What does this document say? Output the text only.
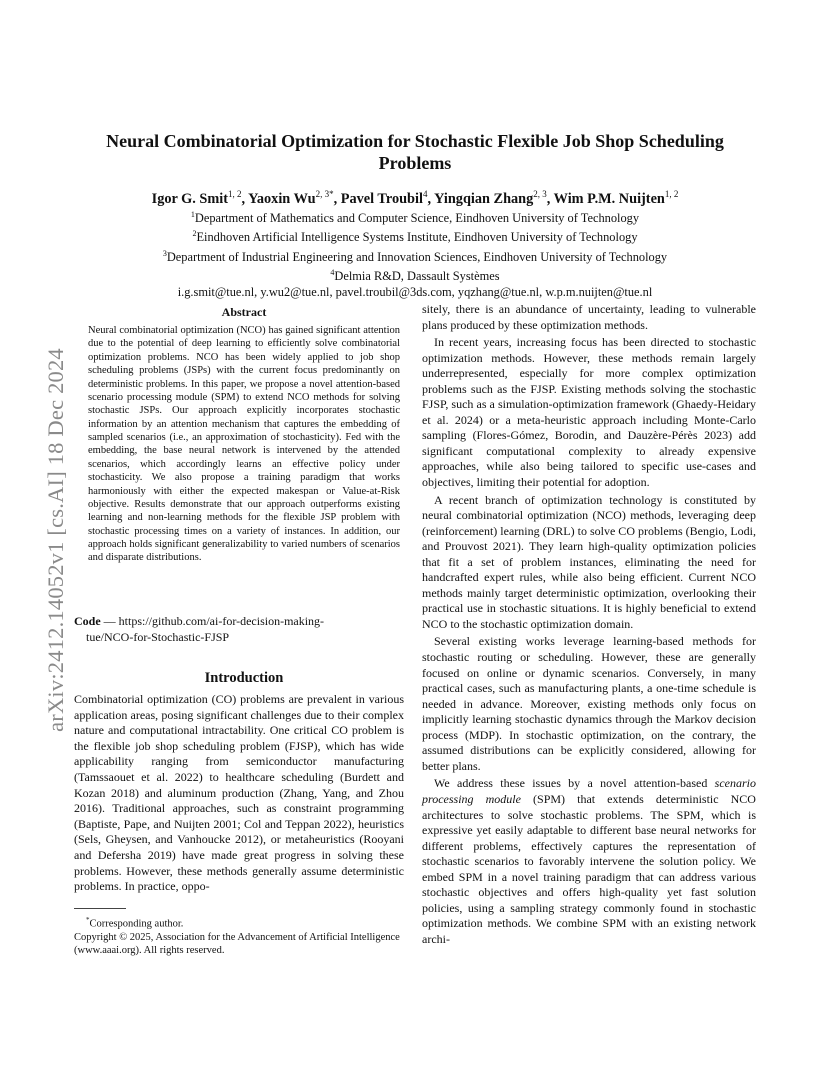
arXiv:2412.14052v1 [cs.AI] 18 Dec 2024
Neural Combinatorial Optimization for Stochastic Flexible Job Shop Scheduling Problems
Igor G. Smit$^{1, 2}$, Yaoxin $Wu^{2, 3*}$, Pavel Troubil$^4$, Yingqian Zhang$^{2, 3}$, Wim P.M. Nuijten$^{1, 2}$
$^1$Department of Mathematics and Computer Science, Eindhoven University of Technology
$^2$Eindhoven Artificial Intelligence Systems Institute, Eindhoven University of Technology
$^3$Department of Industrial Engineering and Innovation Sciences, Eindhoven University of Technology
$^4$Delmia R&D, Dassault Systèmes
i.g.smit@tue.nl, y.wu2@tue.nl, pavel.troubil@3ds.com, yqzhang@tue.nl, w.p.m.nuijten@tue.nl
Abstract

Neural combinatorial optimization (NCO) has gained significant attention due to the potential of deep learning to efficiently solve combinatorial optimization problems. NCO has been widely applied to job shop scheduling problems (JSPs) with the current focus predominantly on deterministic problems. In this paper, we propose a novel attention-based scenario processing module (SPM) to extend NCO methods for solving stochastic JSPs. Our approach explicitly incorporates stochastic information by an attention mechanism that captures the embedding of sampled scenarios (i.e., an approximation of stochasticity). Fed with the embedding, the base neural network is intervened by the attended scenarios, which accordingly learns an effective policy under stochasticity. We also propose a training paradigm that works harmoniously with either the expected makespan or Value-at-Risk objective. Results demonstrate that our approach outperforms existing learning and non-learning methods for the flexible JSP problem with stochastic processing times on a variety of instances. In addition, our approach holds significant generalizability to varied numbers of scenarios and disparate distributions.

Code — https://github.com/ai-for-decision-making-
tue/NCO-for-Stochastic-FJSP
Introduction

Combinatorial optimization (CO) problems are prevalent in various application areas, posing significant challenges due to their complex nature and computational intractability. One critical CO problem is the flexible job shop scheduling problem (FJSP), which has wide applicability ranging from semiconductor manufacturing (Tamssaouet et al. 2022) to healthcare scheduling (Burdett and Kozan 2018) and aluminum production (Zhang, Yang, and Zhou 2016). Traditional approaches, such as constraint programming (Baptiste, Pape, and Nuijten 2001; Col and Teppan 2022), heuristics (Sels, Gheysen, and Vanhoucke 2012), or metaheuristics (Rooyani and Defersha 2019) have made great progress in solving these problems. However, these methods generally assume deterministic problems. In practice, oppo-

*Corresponding author.
Copyright © 2025, Association for the Advancement of Artificial Intelligence (www.aaai.org). All rights reserved.

sitely, there is an abundance of uncertainty, leading to vulnerable plans produced by these optimization methods.

In recent years, increasing focus has been directed to stochastic optimization methods. However, these methods remain largely underrepresented, especially for more complex optimization problems such as the FJSP. Existing methods solving the stochastic FJSP, such as a simulation-optimization framework (Ghaedy-Heidary et al. 2024) or a meta-heuristic approach including Monte-Carlo sampling (Flores-Gómez, Borodin, and Dauzère-Pérès 2023) add significant computational complexity to already expensive approaches, while also being tailored to specific use-cases and objectives, limiting their potential for adoption.

A recent branch of optimization technology is constituted by neural combinatorial optimization (NCO) methods, leveraging deep (reinforcement) learning (DRL) to solve CO problems (Bengio, Lodi, and Prouvost 2021). They learn high-quality optimization policies that fit a set of problem instances, eliminating the need for handcrafted expert rules, while also being efficient. Current NCO methods mainly target deterministic optimization, overlooking their practical use in stochastic situations. It is highly beneficial to extend NCO to the stochastic optimization domain.

Several existing works leverage learning-based methods for stochastic routing or scheduling. However, these are generally focused on online or dynamic scenarios. Conversely, in many practical cases, such as manufacturing plants, a one-time schedule is needed in advance. Moreover, existing methods only focus on implicitly learning stochastic dynamics through the Markov decision process (MDP). In stochastic optimization, on the contrary, the assumed distributions can be explicitly considered, allowing for better plans.

We address these issues by a novel attention-based scenario processing module (SPM) that extends deterministic NCO architectures to solve stochastic problems. The SPM, which is expressive yet easily adaptable to different base neural networks for different problems, effectively captures the representation of stochastic scenarios to favorably intervene the solution policy. We embed SPM in a novel training paradigm that can address various stochastic objectives and offers high-quality yet fast solution policies, using a sampling strategy commonly found in stochastic optimization methods. We combine SPM with an existing network archi-
